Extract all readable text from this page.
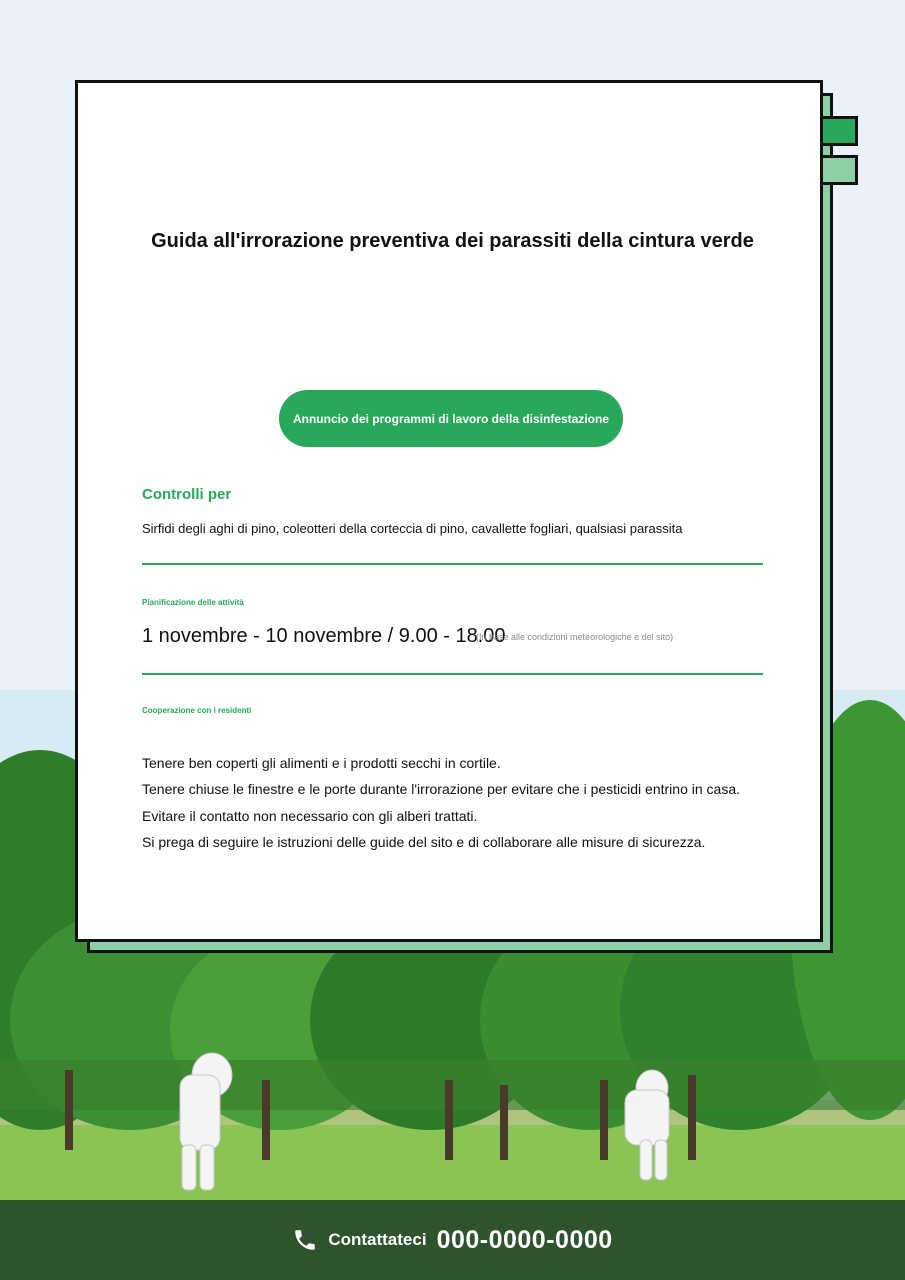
Guida all'irrorazione preventiva dei parassiti della cintura verde
Annuncio dei programmi di lavoro della disinfestazione
Controlli per
Sirfidi degli aghi di pino, coleotteri della corteccia di pino, cavallette fogliari, qualsiasi parassita
Pianificazione delle attività
1 novembre - 10 novembre / 9.00 - 18.00
(In base alle condizioni meteorologiche e del sito)
Cooperazione con i residenti
Tenere ben coperti gli alimenti e i prodotti secchi in cortile.
Tenere chiuse le finestre e le porte durante l'irrorazione per evitare che i pesticidi entrino in casa.
Evitare il contatto non necessario con gli alberi trattati.
Si prega di seguire le istruzioni delle guide del sito e di collaborare alle misure di sicurezza.
Contattateci 000-0000-0000
